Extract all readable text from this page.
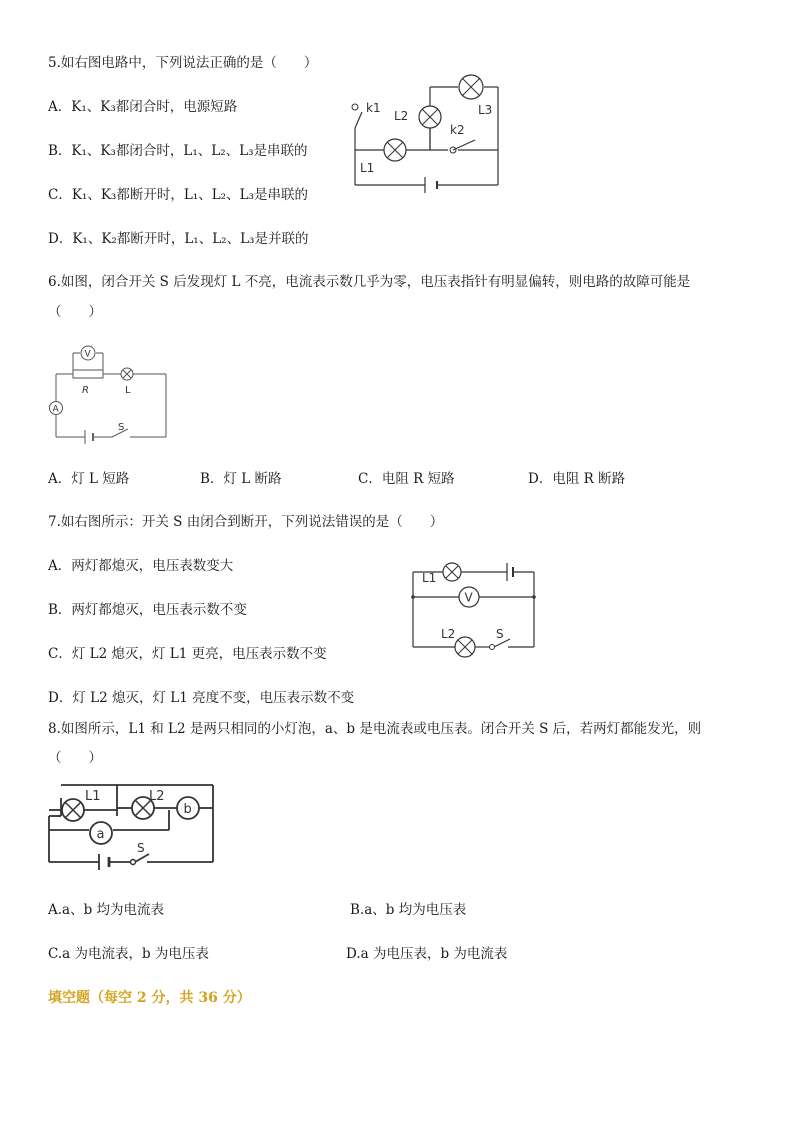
5.如右图电路中，下列说法正确的是（　　）
A．K₁、K₃都闭合时，电源短路
B．K₁、K₃都闭合时，L₁、L₂、L₃是串联的
C．K₁、K₃都断开时，L₁、L₂、L₃是串联的
D．K₁、K₂都断开时，L₁、L₂、L₃是并联的
k1
k2
L1
L2	L3
6.如图，闭合开关 S 后发现灯 L 不亮，电流表示数几乎为零，电压表指针有明显偏转，则电路的故障可能是
（　　）
V
A
R	L
S
A．灯 L 短路	B．灯 L 断路	C．电阻 R 短路	D．电阻 R 断路
7.如右图所示：开关 S 由闭合到断开，下列说法错误的是（　　）
A．两灯都熄灭，电压表数变大
B．两灯都熄灭，电压表示数不变
C．灯 L2 熄灭，灯 L1 更亮，电压表示数不变
D．灯 L2 熄灭，灯 L1 亮度不变，电压表示数不变
V
L1
L2	S
8.如图所示，L1 和 L2 是两只相同的小灯泡，a、b 是电流表或电压表。闭合开关 S 后，若两灯都能发光，则
（　　）
b
a
L1	L2
S
A.a、b 均为电流表	B.a、b 均为电压表
C.a 为电流表，b 为电压表	D.a 为电压表，b 为电流表
填空题（每空 2 分，共 36 分）
